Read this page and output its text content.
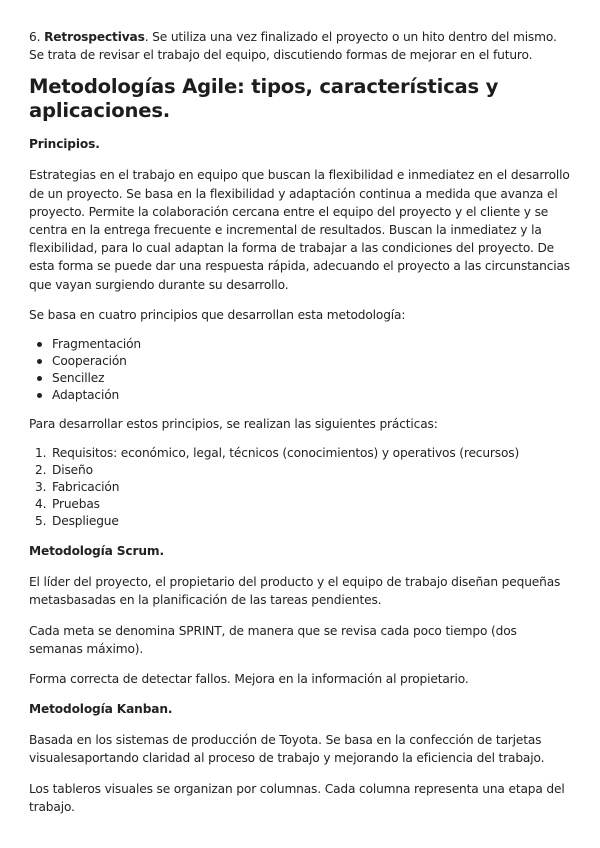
6. Retrospectivas. Se utiliza una vez finalizado el proyecto o un hito dentro del mismo. Se trata de revisar el trabajo del equipo, discutiendo formas de mejorar en el futuro.

Metodologías Agile: tipos, características y aplicaciones.
Principios.

Estrategias en el trabajo en equipo que buscan la flexibilidad e inmediatez en el desarrollo de un proyecto. Se basa en la flexibilidad y adaptación continua a medida que avanza el proyecto. Permite la colaboración cercana entre el equipo del proyecto y el cliente y se centra en la entrega frecuente e incremental de resultados. Buscan la inmediatez y la flexibilidad, para lo cual adaptan la forma de trabajar a las condiciones del proyecto. De esta forma se puede dar una respuesta rápida, adecuando el proyecto a las circunstancias que vayan surgiendo durante su desarrollo.

Se basa en cuatro principios que desarrollan esta metodología:

Fragmentación
Cooperación
Sencillez
Adaptación

Para desarrollar estos principios, se realizan las siguientes prácticas:

1. Requisitos: económico, legal, técnicos (conocimientos) y operativos (recursos)
2. Diseño
3. Fabricación
4. Pruebas
5. Despliegue
Metodología Scrum.

El líder del proyecto, el propietario del producto y el equipo de trabajo diseñan pequeñas metasbasadas en la planificación de las tareas pendientes.

Cada meta se denomina SPRINT, de manera que se revisa cada poco tiempo (dos semanas máximo).

Forma correcta de detectar fallos. Mejora en la información al propietario.

Metodología Kanban.

Basada en los sistemas de producción de Toyota. Se basa en la confección de tarjetas visualesaportando claridad al proceso de trabajo y mejorando la eficiencia del trabajo.

Los tableros visuales se organizan por columnas. Cada columna representa una etapa del trabajo.
